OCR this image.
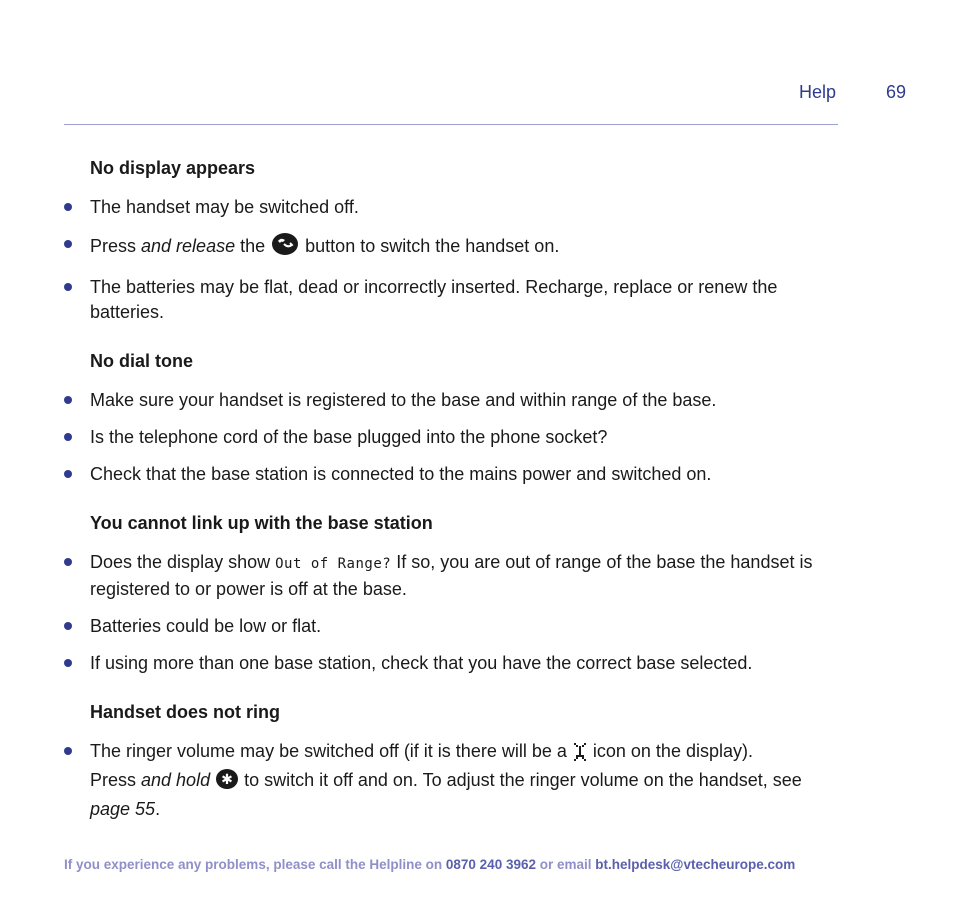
Help	69
No display appears
The handset may be switched off.
Press and release the  button to switch the handset on.
The batteries may be flat, dead or incorrectly inserted. Recharge, replace or renew the batteries.
No dial tone
Make sure your handset is registered to the base and within range of the base.
Is the telephone cord of the base plugged into the phone socket?
Check that the base station is connected to the mains power and switched on.
You cannot link up with the base station
Does the display show Out of Range? If so, you are out of range of the base the handset is registered to or power is off at the base.
Batteries could be low or flat.
If using more than one base station, check that you have the correct base selected.
Handset does not ring
The ringer volume may be switched off (if it is there will be a  icon on the display).
Press and hold ✱ to switch it off and on. To adjust the ringer volume on the handset, see page 55.
If you experience any problems, please call the Helpline on 0870 240 3962 or email bt.helpdesk@vtecheurope.com
